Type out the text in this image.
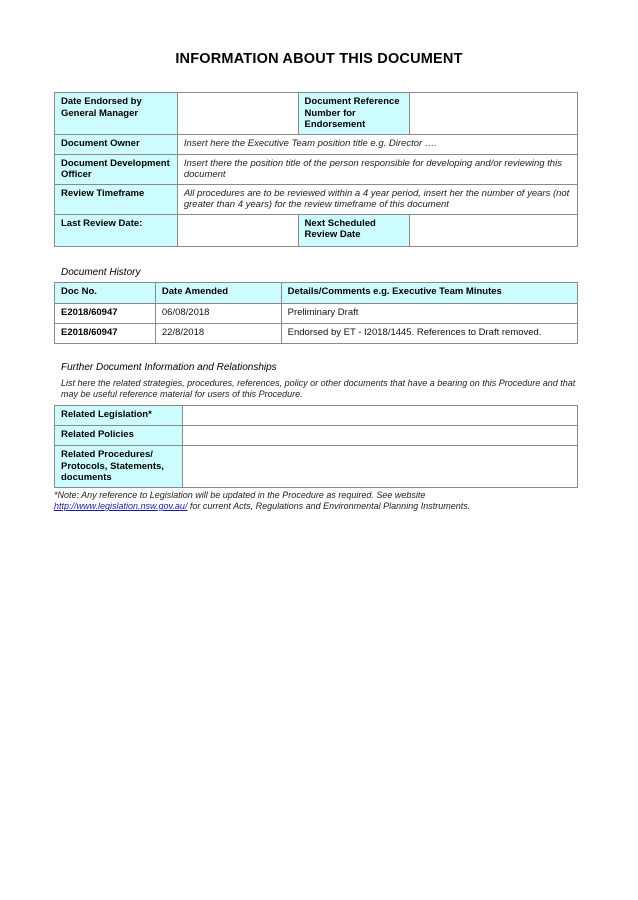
INFORMATION ABOUT THIS DOCUMENT
Date Endorsed by General Manager		Document Reference Number for Endorsement	
Document Owner	Insert here the Executive Team position title e.g. Director ….		
Document Development Officer	Insert there the position title of the person responsible for developing and/or reviewing this document		
Review Timeframe	All procedures are to be reviewed within a 4 year period, insert her the number of years (not greater than 4 years) for the review timeframe of this document		
Last Review Date:		Next Scheduled Review Date	
Document History
Doc No.	Date Amended	Details/Comments e.g. Executive Team Minutes
E2018/60947	06/08/2018	Preliminary Draft
E2018/60947	22/8/2018	Endorsed by ET - I2018/1445. References to Draft removed.
Further Document Information and Relationships
List here the related strategies, procedures, references, policy or other documents that have a bearing on this Procedure and that may be useful reference material for users of this Procedure.
Related Legislation*	
Related Policies	
Related Procedures/ Protocols, Statements, documents	
*Note: Any reference to Legislation will be updated in the Procedure as required. See website
http://www.legislation.nsw.gov.au/ for current Acts, Regulations and Environmental Planning Instruments.
